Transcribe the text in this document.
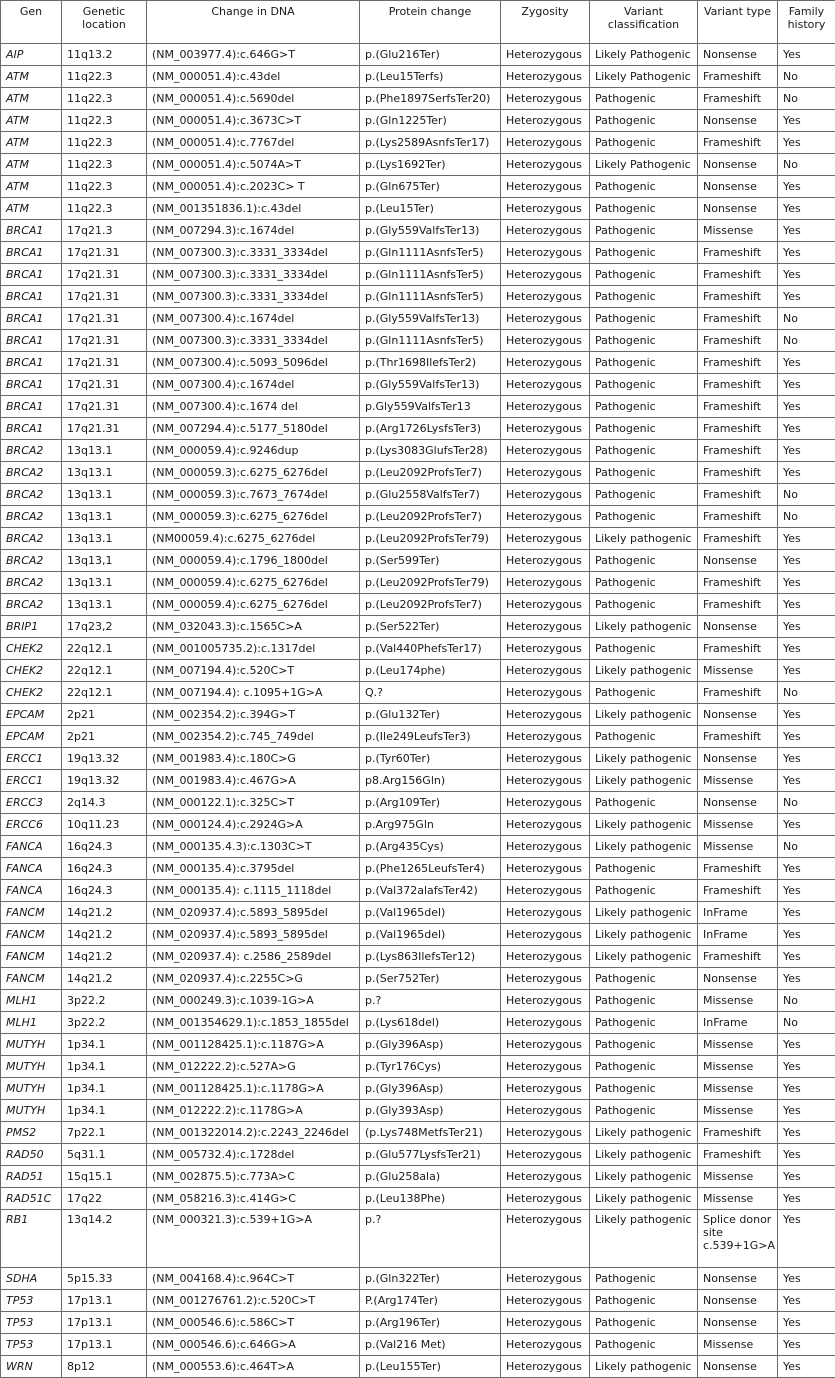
Gen	Genetic location	Change in DNA	Protein change	Zygosity	Variant classification	Variant type	Family history
AIP	11q13.2	(NM_003977.4):c.646G>T	p.(Glu216Ter)	Heterozygous	Likely Pathogenic	Nonsense	Yes
ATM	11q22.3	(NM_000051.4):c.43del	p.(Leu15Terfs)	Heterozygous	Likely Pathogenic	Frameshift	No
ATM	11q22.3	(NM_000051.4):c.5690del	p.(Phe1897SerfsTer20)	Heterozygous	Pathogenic	Frameshift	No
ATM	11q22.3	(NM_000051.4):c.3673C>T	p.(Gln1225Ter)	Heterozygous	Pathogenic	Nonsense	Yes
ATM	11q22.3	(NM_000051.4):c.7767del	p.(Lys2589AsnfsTer17)	Heterozygous	Pathogenic	Frameshift	Yes
ATM	11q22.3	(NM_000051.4):c.5074A>T	p.(Lys1692Ter)	Heterozygous	Likely Pathogenic	Nonsense	No
ATM	11q22.3	(NM_000051.4):c.2023C> T	p.(Gln675Ter)	Heterozygous	Pathogenic	Nonsense	Yes
ATM	11q22.3	(NM_001351836.1):c.43del	p.(Leu15Ter)	Heterozygous	Pathogenic	Nonsense	Yes
BRCA1	17q21.3	(NM_007294.3):c.1674del	p.(Gly559ValfsTer13)	Heterozygous	Pathogenic	Missense	Yes
BRCA1	17q21.31	(NM_007300.3):c.3331_3334del	p.(Gln1111AsnfsTer5)	Heterozygous	Pathogenic	Frameshift	Yes
BRCA1	17q21.31	(NM_007300.3):c.3331_3334del	p.(Gln1111AsnfsTer5)	Heterozygous	Pathogenic	Frameshift	Yes
BRCA1	17q21.31	(NM_007300.3):c.3331_3334del	p.(Gln1111AsnfsTer5)	Heterozygous	Pathogenic	Frameshift	Yes
BRCA1	17q21.31	(NM_007300.4):c.1674del	p.(Gly559ValfsTer13)	Heterozygous	Pathogenic	Frameshift	No
BRCA1	17q21.31	(NM_007300.3):c.3331_3334del	p.(Gln1111AsnfsTer5)	Heterozygous	Pathogenic	Frameshift	No
BRCA1	17q21.31	(NM_007300.4):c.5093_5096del	p.(Thr1698IlefsTer2)	Heterozygous	Pathogenic	Frameshift	Yes
BRCA1	17q21.31	(NM_007300.4):c.1674del	p.(Gly559ValfsTer13)	Heterozygous	Pathogenic	Frameshift	Yes
BRCA1	17q21.31	(NM_007300.4):c.1674 del	p.Gly559ValfsTer13	Heterozygous	Pathogenic	Frameshift	Yes
BRCA1	17q21.31	(NM_007294.4):c.5177_5180del	p.(Arg1726LysfsTer3)	Heterozygous	Pathogenic	Frameshift	Yes
BRCA2	13q13.1	(NM_000059.4):c.9246dup	p.(Lys3083GlufsTer28)	Heterozygous	Pathogenic	Frameshift	Yes
BRCA2	13q13.1	(NM_000059.3):c.6275_6276del	p.(Leu2092ProfsTer7)	Heterozygous	Pathogenic	Frameshift	Yes
BRCA2	13q13.1	(NM_000059.3):c.7673_7674del	p.(Glu2558ValfsTer7)	Heterozygous	Pathogenic	Frameshift	No
BRCA2	13q13.1	(NM_000059.3):c.6275_6276del	p.(Leu2092ProfsTer7)	Heterozygous	Pathogenic	Frameshift	No
BRCA2	13q13.1	(NM00059.4):c.6275_6276del	p.(Leu2092ProfsTer79)	Heterozygous	Likely pathogenic	Frameshift	Yes
BRCA2	13q13,1	(NM_000059.4):c.1796_1800del	p.(Ser599Ter)	Heterozygous	Pathogenic	Nonsense	Yes
BRCA2	13q13.1	(NM_000059.4):c.6275_6276del	p.(Leu2092ProfsTer79)	Heterozygous	Pathogenic	Frameshift	Yes
BRCA2	13q13.1	(NM_000059.4):c.6275_6276del	p.(Leu2092ProfsTer7)	Heterozygous	Pathogenic	Frameshift	Yes
BRIP1	17q23,2	(NM_032043.3):c.1565C>A	p.(Ser522Ter)	Heterozygous	Likely pathogenic	Nonsense	Yes
CHEK2	22q12.1	(NM_001005735.2):c.1317del	p.(Val440PhefsTer17)	Heterozygous	Pathogenic	Frameshift	Yes
CHEK2	22q12.1	(NM_007194.4):c.520C>T	p.(Leu174phe)	Heterozygous	Likely pathogenic	Missense	Yes
CHEK2	22q12.1	(NM_007194.4): c.1095+1G>A	Q.?	Heterozygous	Pathogenic	Frameshift	No
EPCAM	2p21	(NM_002354.2):c.394G>T	p.(Glu132Ter)	Heterozygous	Likely pathogenic	Nonsense	Yes
EPCAM	2p21	(NM_002354.2):c.745_749del	p.(Ile249LeufsTer3)	Heterozygous	Pathogenic	Frameshift	Yes
ERCC1	19q13.32	(NM_001983.4):c.180C>G	p.(Tyr60Ter)	Heterozygous	Likely pathogenic	Nonsense	Yes
ERCC1	19q13.32	(NM_001983.4):c.467G>A	p8.Arg156Gln)	Heterozygous	Likely pathogenic	Missense	Yes
ERCC3	2q14.3	(NM_000122.1):c.325C>T	p.(Arg109Ter)	Heterozygous	Pathogenic	Nonsense	No
ERCC6	10q11.23	(NM_000124.4):c.2924G>A	p.Arg975Gln	Heterozygous	Likely pathogenic	Missense	Yes
FANCA	16q24.3	(NM_000135.4.3):c.1303C>T	p.(Arg435Cys)	Heterozygous	Likely pathogenic	Missense	No
FANCA	16q24.3	(NM_000135.4):c.3795del	p.(Phe1265LeufsTer4)	Heterozygous	Pathogenic	Frameshift	Yes
FANCA	16q24.3	(NM_000135.4): c.1115_1118del	p.(Val372alafsTer42)	Heterozygous	Pathogenic	Frameshift	Yes
FANCM	14q21.2	(NM_020937.4):c.5893_5895del	p.(Val1965del)	Heterozygous	Likely pathogenic	InFrame	Yes
FANCM	14q21.2	(NM_020937.4):c.5893_5895del	p.(Val1965del)	Heterozygous	Likely pathogenic	InFrame	Yes
FANCM	14q21.2	(NM_020937.4): c.2586_2589del	p.(Lys863IlefsTer12)	Heterozygous	Likely pathogenic	Frameshift	Yes
FANCM	14q21.2	(NM_020937.4):c.2255C>G	p.(Ser752Ter)	Heterozygous	Pathogenic	Nonsense	Yes
MLH1	3p22.2	(NM_000249.3):c.1039-1G>A	p.?	Heterozygous	Pathogenic	Missense	No
MLH1	3p22.2	(NM_001354629.1):c.1853_1855del	p.(Lys618del)	Heterozygous	Pathogenic	InFrame	No
MUTYH	1p34.1	(NM_001128425.1):c.1187G>A	p.(Gly396Asp)	Heterozygous	Pathogenic	Missense	Yes
MUTYH	1p34.1	(NM_012222.2):c.527A>G	p.(Tyr176Cys)	Heterozygous	Pathogenic	Missense	Yes
MUTYH	1p34.1	(NM_001128425.1):c.1178G>A	p.(Gly396Asp)	Heterozygous	Pathogenic	Missense	Yes
MUTYH	1p34.1	(NM_012222.2):c.1178G>A	p.(Gly393Asp)	Heterozygous	Pathogenic	Missense	Yes
PMS2	7p22.1	(NM_001322014.2):c.2243_2246del	(p.Lys748MetfsTer21)	Heterozygous	Likely pathogenic	Frameshift	Yes
RAD50	5q31.1	(NM_005732.4):c.1728del	p.(Glu577LysfsTer21)	Heterozygous	Likely pathogenic	Frameshift	Yes
RAD51	15q15.1	(NM_002875.5):c.773A>C	p.(Glu258ala)	Heterozygous	Likely pathogenic	Missense	Yes
RAD51C	17q22	(NM_058216.3):c.414G>C	p.(Leu138Phe)	Heterozygous	Likely pathogenic	Missense	Yes
RB1	13q14.2	(NM_000321.3):c.539+1G>A	p.?	Heterozygous	Likely pathogenic	Splice donor site c.539+1G>A	Yes
SDHA	5p15.33	(NM_004168.4):c.964C>T	p.(Gln322Ter)	Heterozygous	Pathogenic	Nonsense	Yes
TP53	17p13.1	(NM_001276761.2):c.520C>T	P.(Arg174Ter)	Heterozygous	Pathogenic	Nonsense	Yes
TP53	17p13.1	(NM_000546.6):c.586C>T	p.(Arg196Ter)	Heterozygous	Pathogenic	Nonsense	Yes
TP53	17p13.1	(NM_000546.6):c.646G>A	p.(Val216 Met)	Heterozygous	Pathogenic	Missense	Yes
WRN	8p12	(NM_000553.6):c.464T>A	p.(Leu155Ter)	Heterozygous	Likely pathogenic	Nonsense	Yes
